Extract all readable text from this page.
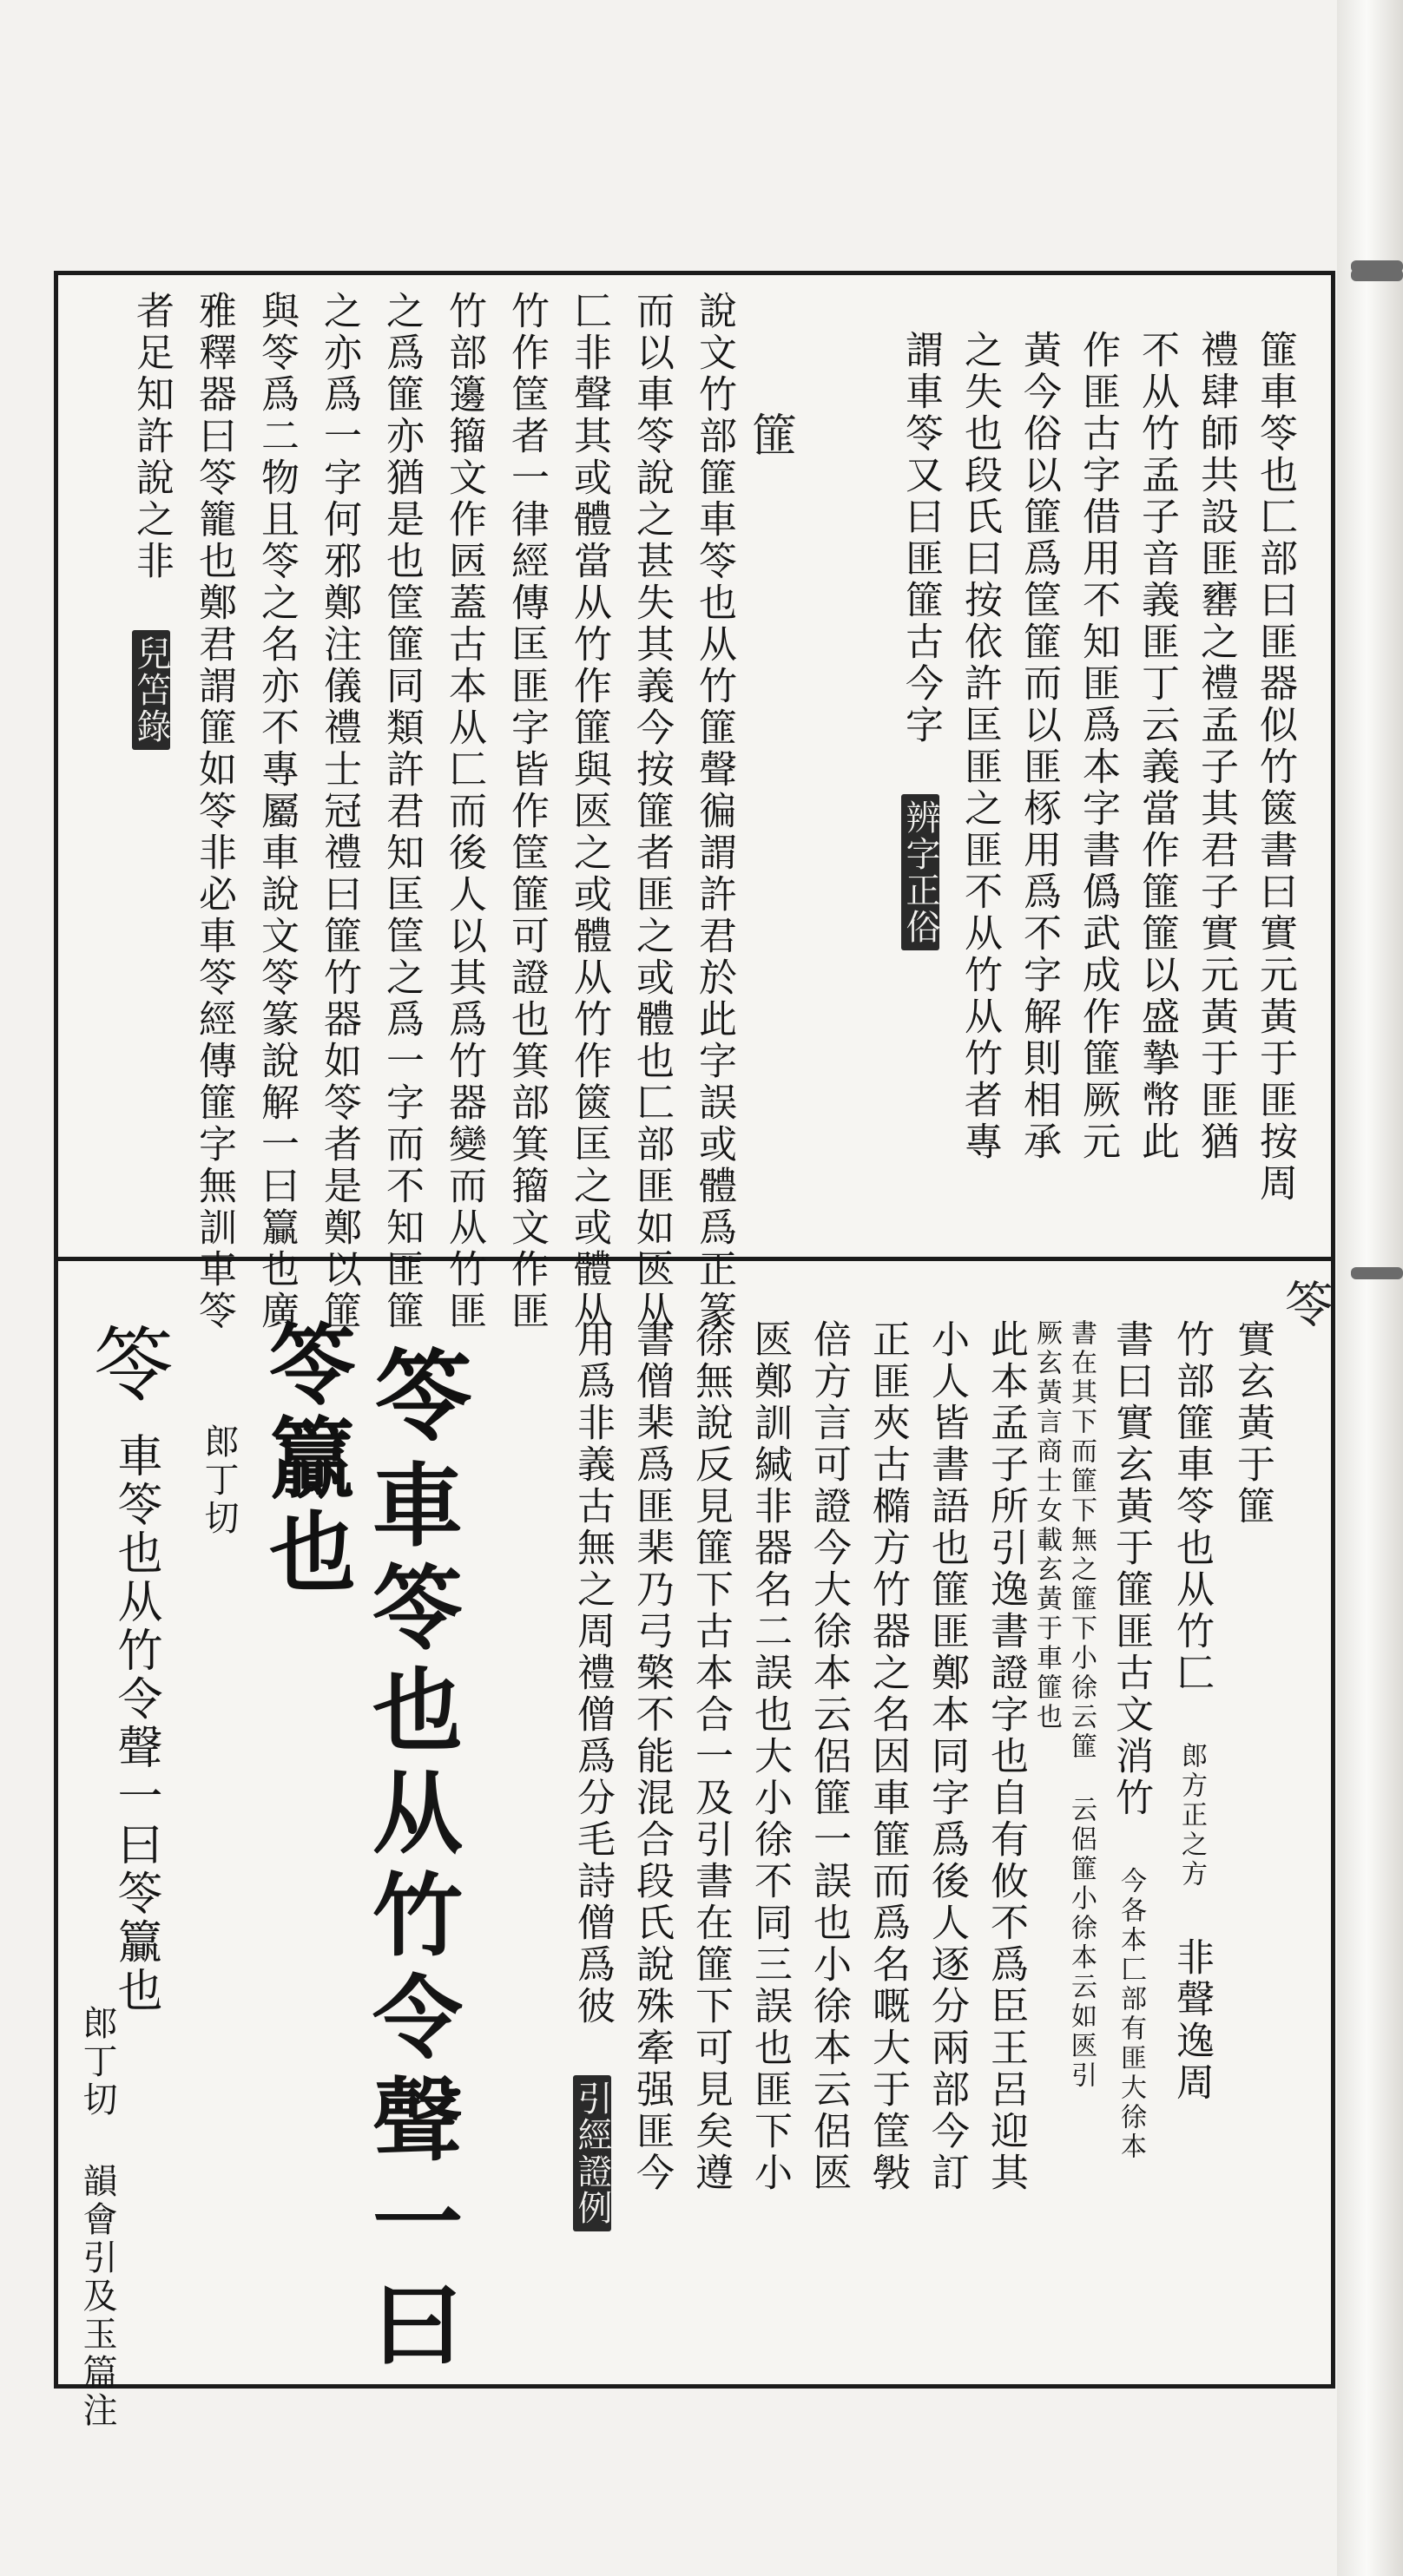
篚車笭也匚部曰匪器似竹篋書曰實元黃于匪按周
禮肆師共設匪罋之禮孟子其君子實元黃于匪猶
不从竹孟子音義匪丁云義當作篚篚以盛摯幣此
作匪古字借用不知匪爲本字書僞武成作篚厥元
黃今俗以篚爲筐篚而以匪㭬用爲不字解則相承
之失也段氏曰按依許匡匪之匪不从竹从竹者專
謂車笭又曰匪篚古今字 辨字正俗
篚
說文竹部篚車笭也从竹篚聲徧謂許君於此字誤或體爲正篆
而以車笭說之甚失其義今按篚者匪之或體也匚部匪如匧从
匚非聲其或體當从竹作篚與匧之或體从竹作篋匡之或體从
竹作筐者一律經傳匡匪字皆作筐篚可證也箕部箕籀文作匪
竹部籩籀文作㔷蓋古本从匚而後人以其爲竹器變而从竹匪
之爲篚亦猶是也筐篚同類許君知匡筐之爲一字而不知匪篚
之亦爲一字何邪鄭注儀禮士冠禮曰篚竹器如笭者是鄭以篚
與笭爲二物且笭之名亦不專屬車說文笭篆說解一曰籯也廣
雅釋器曰笭籠也鄭君謂篚如笭非必車笭經傳篚字無訓車笭
者足知許說之非 兒笘錄
笭
實玄黃于篚
竹部篚車笭也从竹匚 郎方正之方 非聲逸周
書曰實玄黃于篚匪古文消竹 今各本匚部有匪大徐本
書在其下而篚下無之篚下小徐云篚 云侶篚小徐本云如匧引
厥玄黃言商士女載玄黃于車篚也
此本孟子所引逸書證字也自有攸不爲臣王呂迎其
小人皆書語也篚匪鄭本同字爲後人逐分兩部今訂
正匪夾古橢方竹器之名因車篚而爲名嘅大于筐斅
倍方言可證今大徐本云侶篚一誤也小徐本云侶匧
匧鄭訓緘非器名二誤也大小徐不同三誤也匪下小
徐無說反見篚下古本合一及引書在篚下可見矣遵
書僧棐爲匪棐乃弓檠不能混合段氏說殊牽强匪今
用爲非義古無之周禮僧爲分毛詩僧爲彼 引經證例
笭
車笭也从竹令聲一曰
笭籯也
郎丁切
笭
車笭也从竹令聲一曰笭籯也
郎丁切 韻會引及玉篇注
